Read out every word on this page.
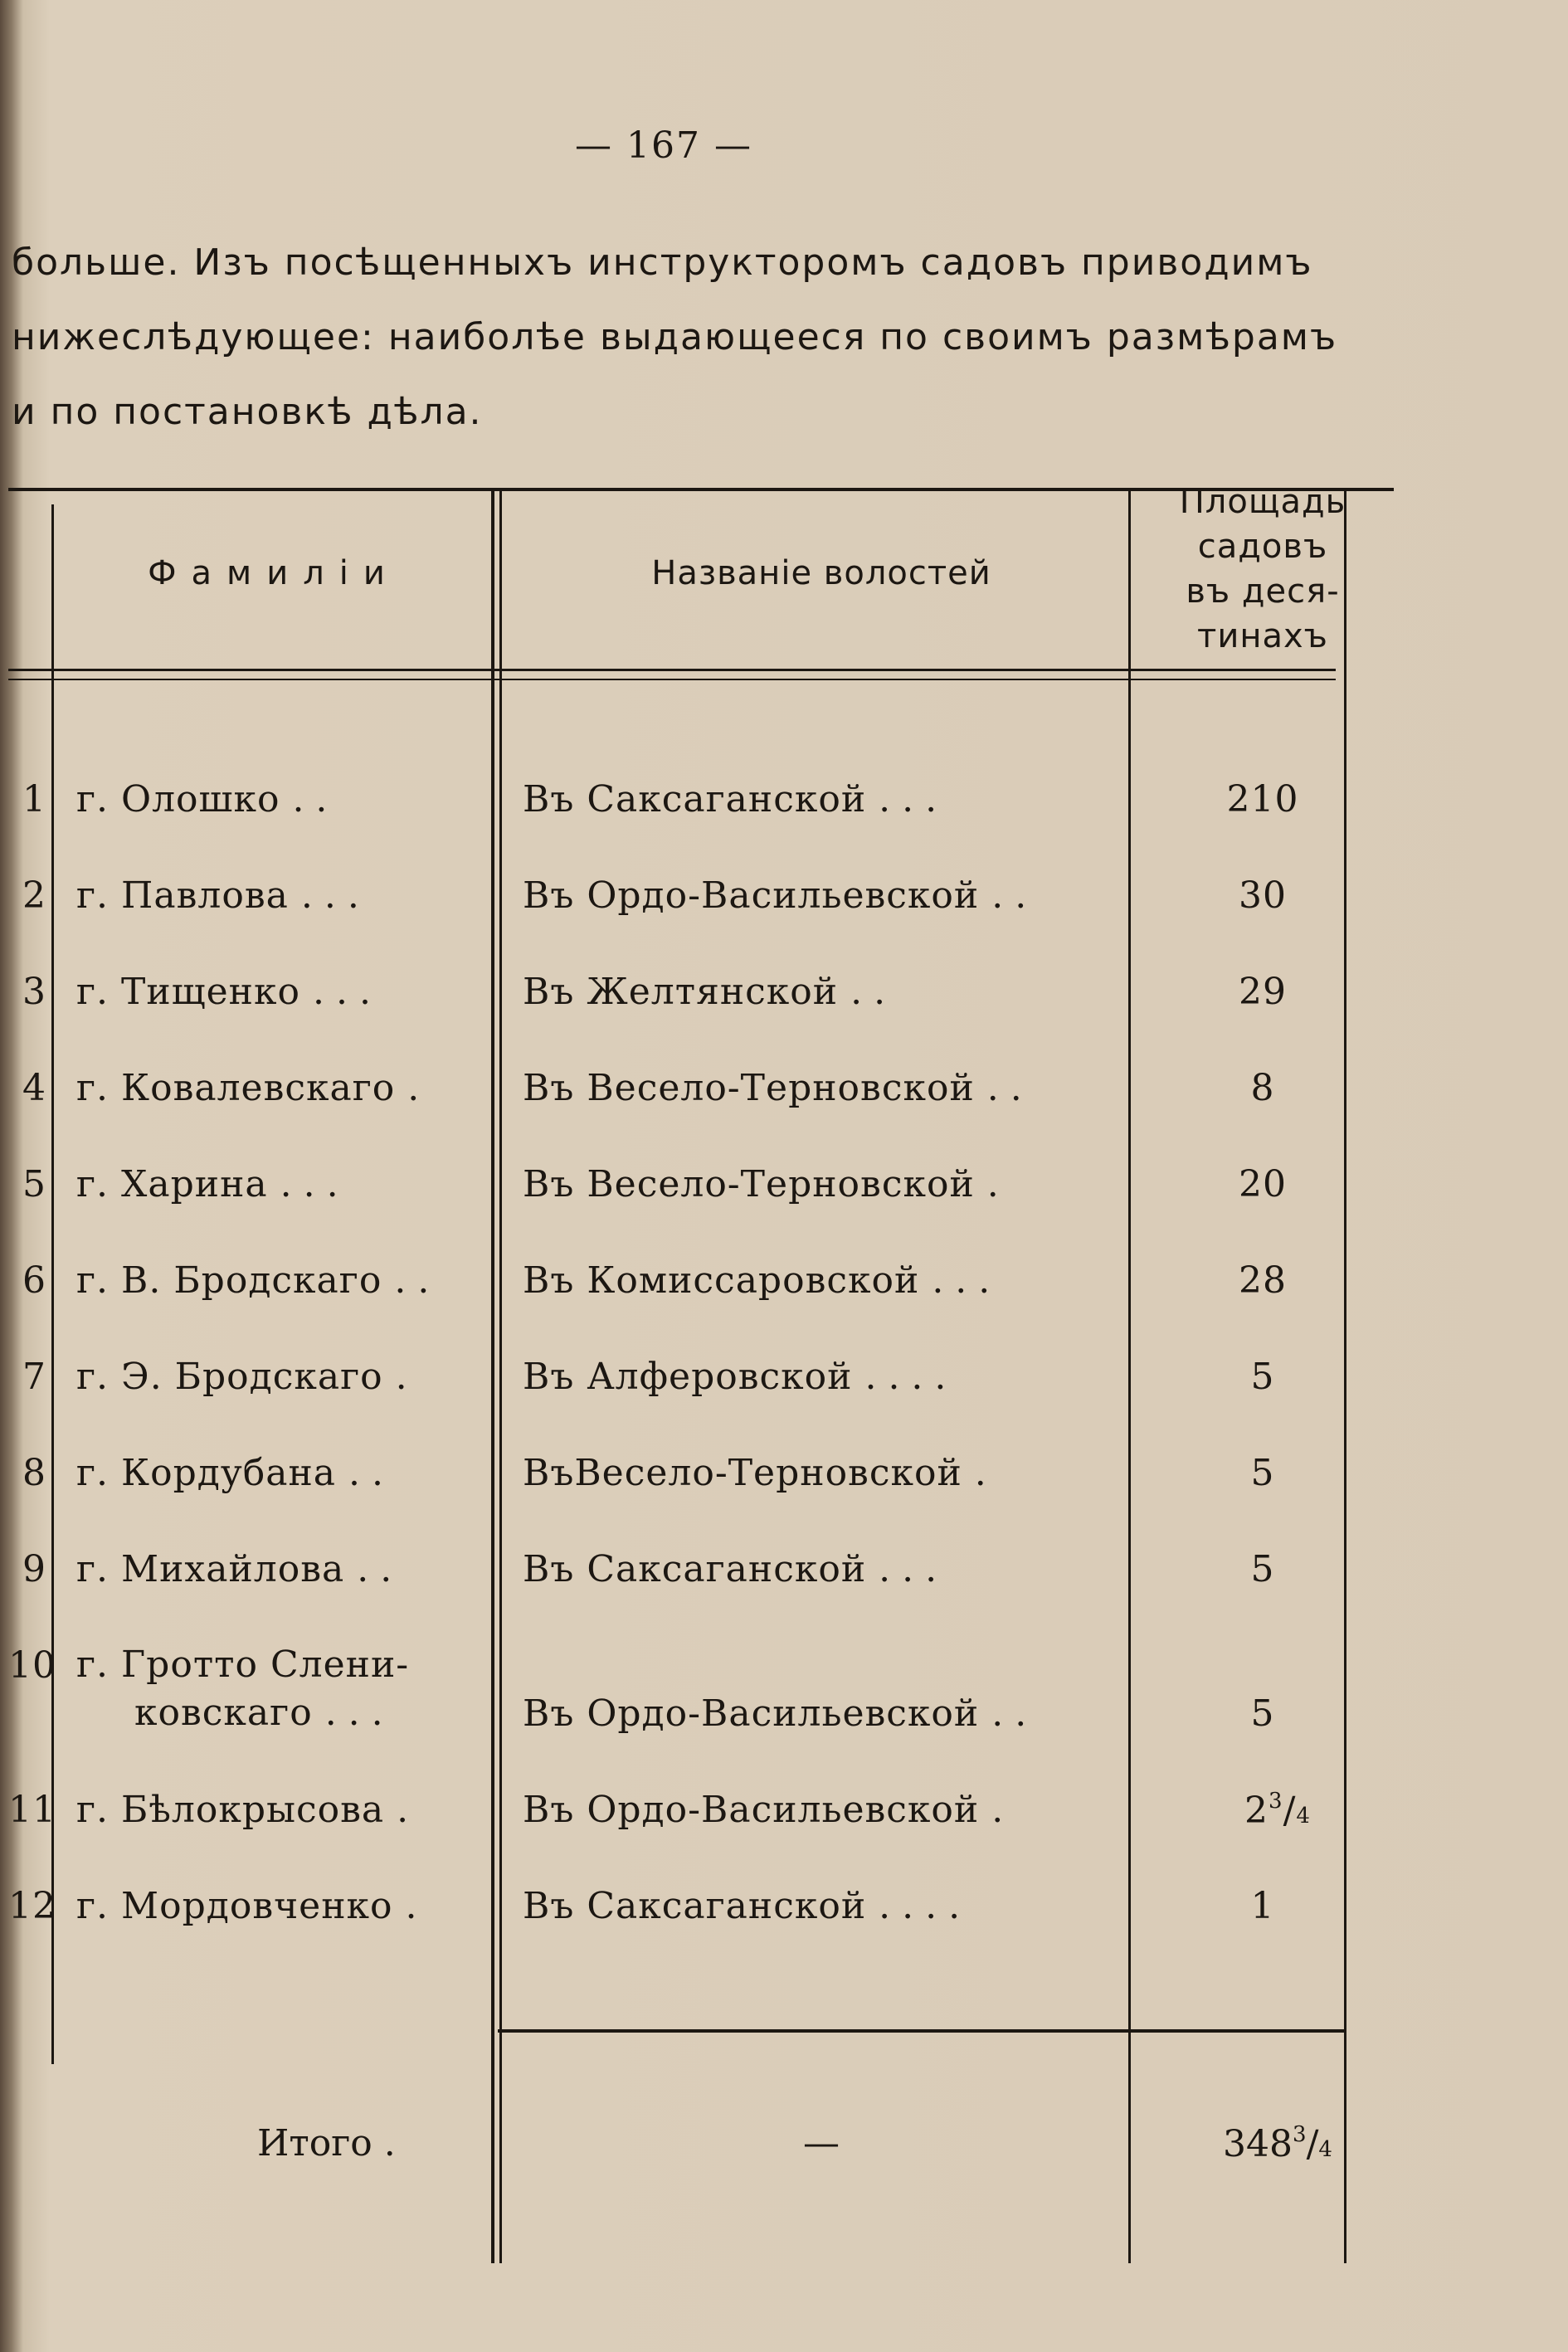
— 167 —
больше. Изъ посѣщенныхъ инструкторомъ садовъ приводимъ
нижеслѣдующее: наиболѣе выдающееся по своимъ размѣрамъ
и по постановкѣ дѣла.
Фамиліи	Названіе волостей
Площадь
садовъ
въ деся-
тинахъ
1 г. Олошко ..	Въ Саксаганской ...	210
2 г. Павлова ...	Въ Ордо-Васильевской ..	30
3 г. Тищенко ...	Въ Желтянской ..	29
4 г. Ковалевскаго .	Въ Весело-Терновской ..	8
5 г. Харина ...	Въ Весело-Терновской .	20
6 г. В. Бродскаго ..	Въ Комиссаровской ...	28
7 г. Э. Бродскаго .	Въ Алферовской ....	5
8 г. Кордубана ..	ВъВесело-Терновской .	5
9 г. Михайлова ..	Въ Саксаганской ...	5
10 г. Гротто Слени-
ковскаго ...	Въ Ордо-Васильевской ..	5
11 г. Бѣлокрысова .	Въ Ордо-Васильевской .	$2^3/4$
12 г. Мордовченко .	Въ Саксаганской ....	1
Итого .	—	$348^3/4$
